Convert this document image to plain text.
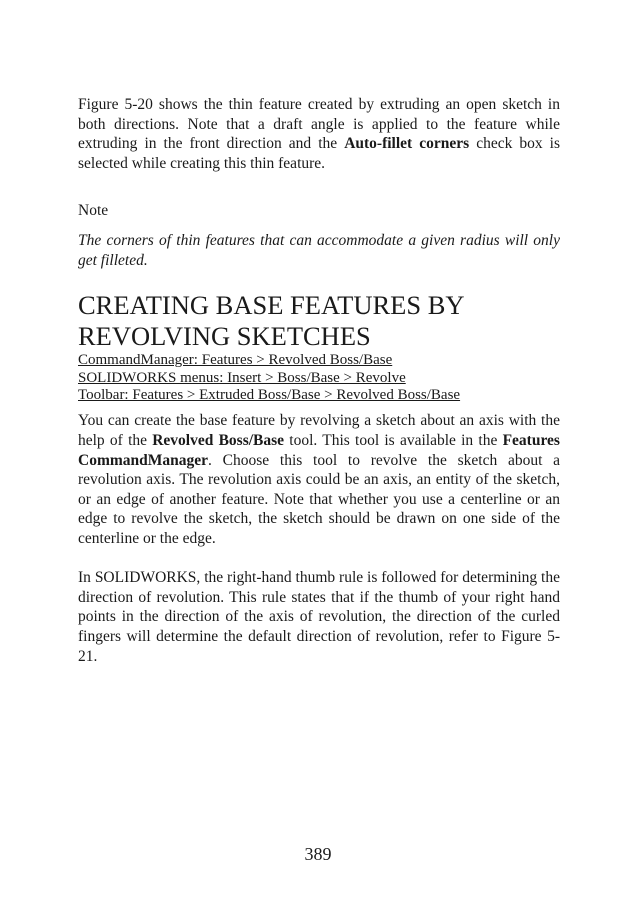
Figure 5-20 shows the thin feature created by extruding an open sketch in both directions. Note that a draft angle is applied to the feature while extruding in the front direction and the Auto-fillet corners check box is selected while creating this thin feature.

Note

The corners of thin features that can accommodate a given radius will only get filleted.

CREATING BASE FEATURES BY
REVOLVING SKETCHES

CommandManager: Features > Revolved Boss/Base

SOLIDWORKS menus: Insert > Boss/Base > Revolve

Toolbar: Features > Extruded Boss/Base > Revolved Boss/Base

You can create the base feature by revolving a sketch about an axis with the help of the Revolved Boss/Base tool. This tool is available in the Features CommandManager. Choose this tool to revolve the sketch about a revolution axis. The revolution axis could be an axis, an entity of the sketch, or an edge of another feature. Note that whether you use a centerline or an edge to revolve the sketch, the sketch should be drawn on one side of the centerline or the edge.

In SOLIDWORKS, the right-hand thumb rule is followed for determining the direction of revolution. This rule states that if the thumb of your right hand points in the direction of the axis of revolution, the direction of the curled fingers will determine the default direction of revolution, refer to Figure 5-21.

389
